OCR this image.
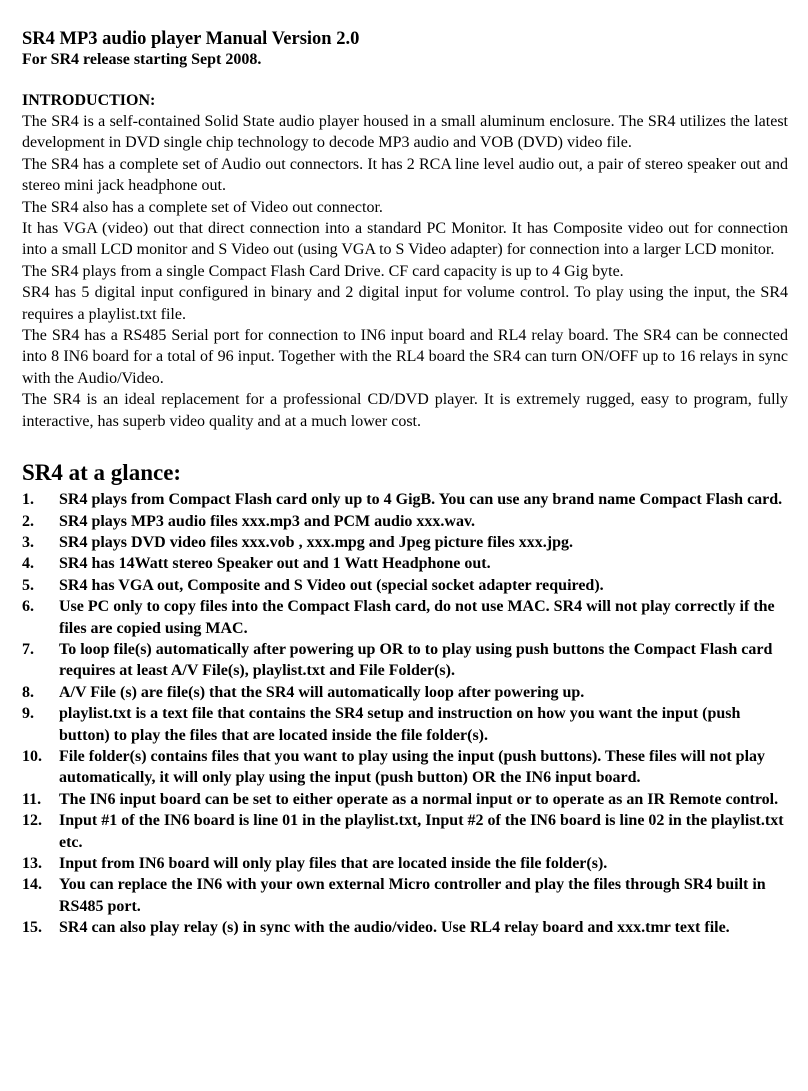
SR4 MP3 audio player Manual Version 2.0
For SR4 release starting Sept 2008.
INTRODUCTION:

The SR4 is a self-contained Solid State audio player housed in a small aluminum enclosure. The SR4 utilizes the latest development in DVD single chip technology to decode MP3 audio and VOB (DVD) video file.

The SR4 has a complete set of Audio out connectors. It has 2 RCA line level audio out, a pair of stereo speaker out and stereo mini jack headphone out.

The SR4 also has a complete set of Video out connector.

It has VGA (video) out that direct connection into a standard PC Monitor. It has Composite video out for connection into a small LCD monitor and S Video out (using VGA to S Video adapter) for connection into a larger LCD monitor.

The SR4 plays from a single Compact Flash Card Drive. CF card capacity is up to 4 Gig byte.

SR4 has 5 digital input configured in binary and 2 digital input for volume control. To play using the input, the SR4 requires a playlist.txt file.

The SR4 has a RS485 Serial port for connection to IN6 input board and RL4 relay board. The SR4 can be connected into 8 IN6 board for a total of 96 input. Together with the RL4 board the SR4 can turn ON/OFF up to 16 relays in sync with the Audio/Video.

The SR4 is an ideal replacement for a professional CD/DVD player. It is extremely rugged, easy to program, fully interactive, has superb video quality and at a much lower cost.

SR4 at a glance:
1. SR4 plays from Compact Flash card only up to 4 GigB. You can use any brand name Compact Flash card.
2. SR4 plays MP3 audio files xxx.mp3 and PCM audio xxx.wav.
3. SR4 plays DVD video files xxx.vob , xxx.mpg and Jpeg picture files xxx.jpg.
4. SR4 has 14Watt stereo Speaker out and 1 Watt Headphone out.
5. SR4 has VGA out, Composite and S Video out (special socket adapter required).
6. Use PC only to copy files into the Compact Flash card, do not use MAC. SR4 will not play correctly if the files are copied using MAC.
7. To loop file(s) automatically after powering up OR to to play using push buttons the Compact Flash card requires at least A/V File(s), playlist.txt and File Folder(s).
8. A/V File (s) are file(s) that the SR4 will automatically loop after powering up.
9. playlist.txt is a text file that contains the SR4 setup and instruction on how you want the input (push button) to play the files that are located inside the file folder(s).
10. File folder(s) contains files that you want to play using the input (push buttons). These files will not play automatically, it will only play using the input (push button) OR the IN6 input board.
11. The IN6 input board can be set to either operate as a normal input or to operate as an IR Remote control.
12. Input #1 of the IN6 board is line 01 in the playlist.txt, Input #2 of the IN6 board is line 02 in the playlist.txt etc.
13. Input from IN6 board will only play files that are located inside the file folder(s).
14. You can replace the IN6 with your own external Micro controller and play the files through SR4 built in RS485 port.
15. SR4 can also play relay (s) in sync with the audio/video. Use RL4 relay board and xxx.tmr text file.
